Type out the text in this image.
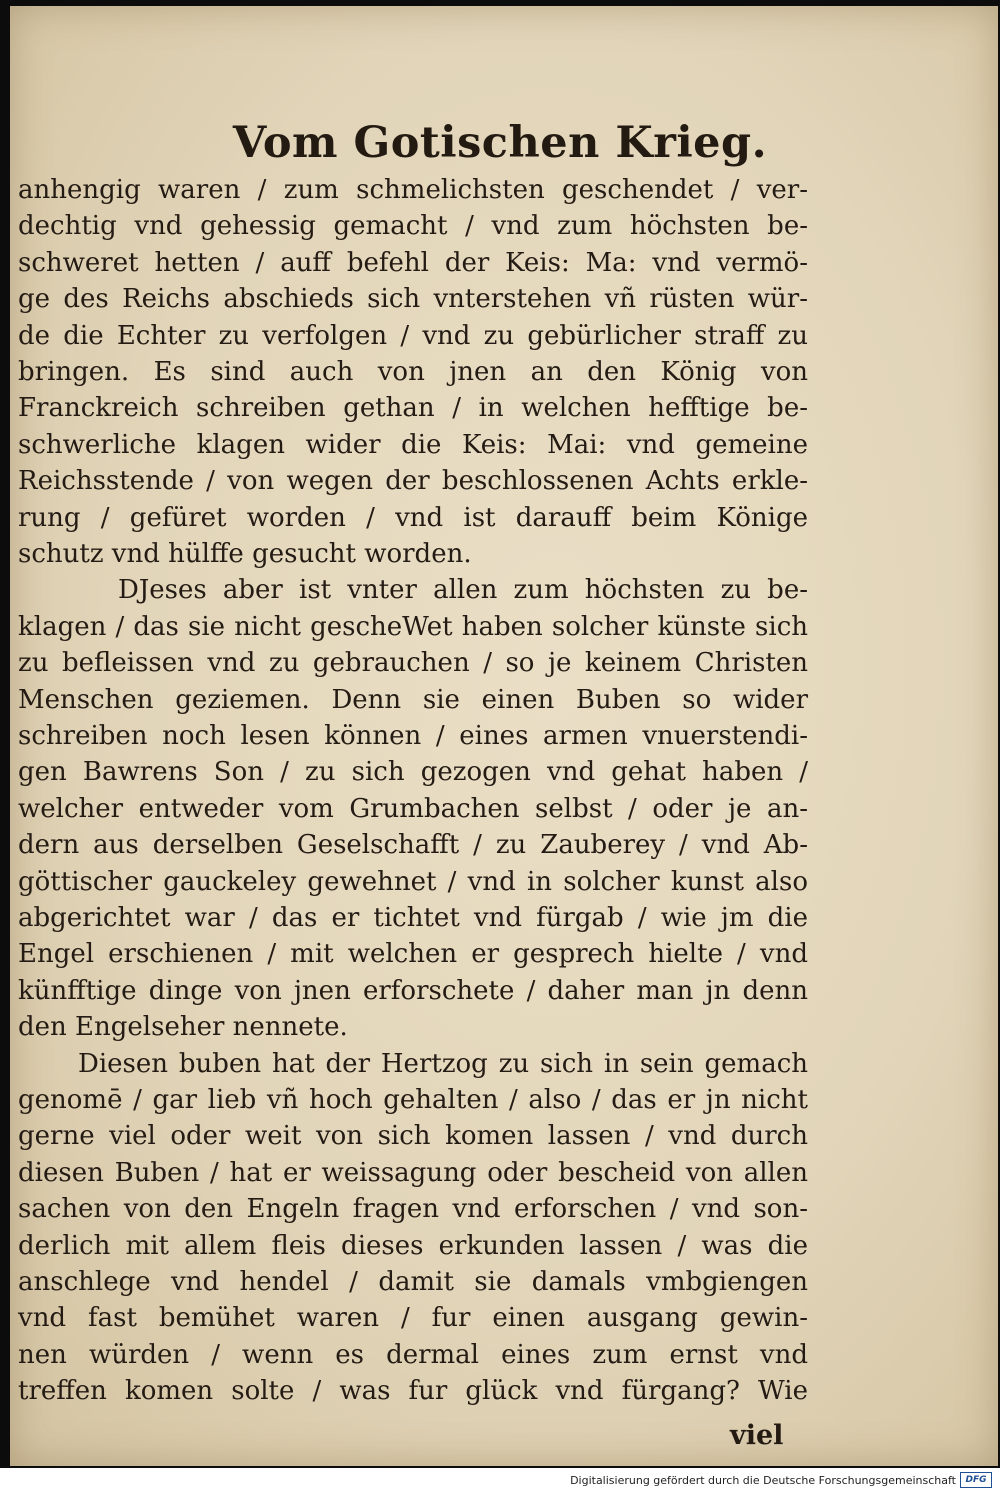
Vom Gotischen Krieg.
anhengig waren / zum schmelichsten geschendet / ver-
dechtig vnd gehessig gemacht / vnd zum höchsten be-
schweret hetten / auff befehl der Keis: Ma: vnd vermö-
ge des Reichs abschieds sich vnterstehen vñ rüsten wür-
de die Echter zu verfolgen / vnd zu gebürlicher straff zu
bringen. Es sind auch von jnen an den König von
Franckreich schreiben gethan / in welchen hefftige be-
schwerliche klagen wider die Keis: Mai: vnd gemeine
Reichsstende / von wegen der beschlossenen Achts erkle-
rung / gefüret worden / vnd ist darauff beim Könige
schutz vnd hülffe gesucht worden.
DJeses aber ist vnter allen zum höchsten zu be-
klagen / das sie nicht gescheWet haben solcher künste sich
zu befleissen vnd zu gebrauchen / so je keinem Christen
Menschen geziemen. Denn sie einen Buben so wider
schreiben noch lesen können / eines armen vnuerstendi-
gen Bawrens Son / zu sich gezogen vnd gehat haben /
welcher entweder vom Grumbachen selbst / oder je an-
dern aus derselben Geselschafft / zu Zauberey / vnd Ab-
göttischer gauckeley gewehnet / vnd in solcher kunst also
abgerichtet war / das er tichtet vnd fürgab / wie jm die
Engel erschienen / mit welchen er gesprech hielte / vnd
künfftige dinge von jnen erforschete / daher man jn denn
den Engelseher nennete.
Diesen buben hat der Hertzog zu sich in sein gemach
genomē / gar lieb vñ hoch gehalten / also / das er jn nicht
gerne viel oder weit von sich komen lassen / vnd durch
diesen Buben / hat er weissagung oder bescheid von allen
sachen von den Engeln fragen vnd erforschen / vnd son-
derlich mit allem fleis dieses erkunden lassen / was die
anschlege vnd hendel / damit sie damals vmbgiengen
vnd fast bemühet waren / fur einen ausgang gewin-
nen würden / wenn es dermal eines zum ernst vnd
treffen komen solte / was fur glück vnd fürgang? Wie
viel
Digitalisierung gefördert durch die Deutsche Forschungsgemeinschaft	DFG
